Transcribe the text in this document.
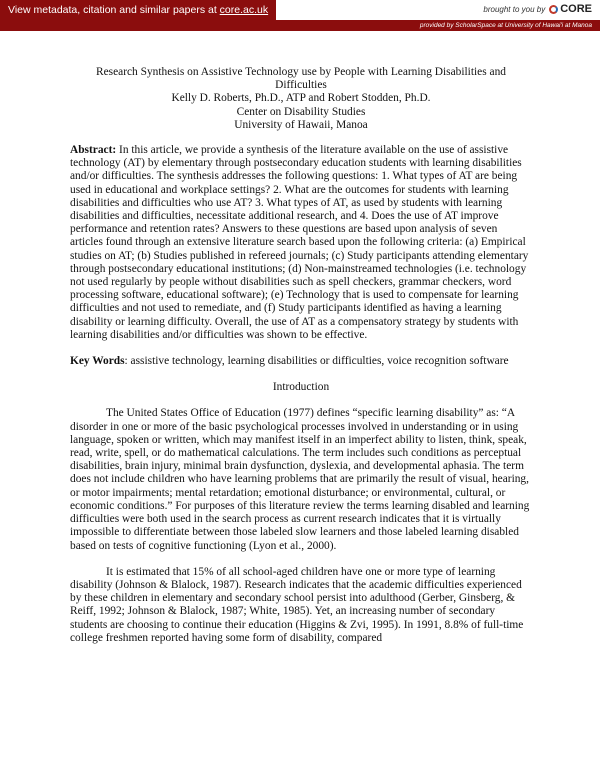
View metadata, citation and similar papers at core.ac.uk	brought to you by CORE
provided by ScholarSpace at University of Hawai'i at Manoa
Research Synthesis on Assistive Technology use by People with Learning Disabilities and
Difficulties
Kelly D. Roberts, Ph.D., ATP and Robert Stodden, Ph.D.
Center on Disability Studies
University of Hawaii, Manoa

Abstract: In this article, we provide a synthesis of the literature available on the use of assistive technology (AT) by elementary through postsecondary education students with learning disabilities and/or difficulties. The synthesis addresses the following questions: 1. What types of AT are being used in educational and workplace settings? 2. What are the outcomes for students with learning disabilities and difficulties who use AT? 3. What types of AT, as used by students with learning disabilities and difficulties, necessitate additional research, and 4. Does the use of AT improve performance and retention rates? Answers to these questions are based upon analysis of seven articles found through an extensive literature search based upon the following criteria: (a) Empirical studies on AT; (b) Studies published in refereed journals; (c) Study participants attending elementary through postsecondary educational institutions; (d) Non-mainstreamed technologies (i.e. technology not used regularly by people without disabilities such as spell checkers, grammar checkers, word processing software, educational software); (e) Technology that is used to compensate for learning difficulties and not used to remediate, and (f) Study participants identified as having a learning disability or learning difficulty. Overall, the use of AT as a compensatory strategy by students with learning disabilities and/or difficulties was shown to be effective.

Key Words: assistive technology, learning disabilities or difficulties, voice recognition software

Introduction

The United States Office of Education (1977) defines “specific learning disability” as: “A disorder in one or more of the basic psychological processes involved in understanding or in using language, spoken or written, which may manifest itself in an imperfect ability to listen, think, speak, read, write, spell, or do mathematical calculations. The term includes such conditions as perceptual disabilities, brain injury, minimal brain dysfunction, dyslexia, and developmental aphasia. The term does not include children who have learning problems that are primarily the result of visual, hearing, or motor impairments; mental retardation; emotional disturbance; or environmental, cultural, or economic conditions.” For purposes of this literature review the terms learning disabled and learning difficulties were both used in the search process as current research indicates that it is virtually impossible to differentiate between those labeled slow learners and those labeled learning disabled based on tests of cognitive functioning (Lyon et al., 2000).

It is estimated that 15% of all school-aged children have one or more type of learning disability (Johnson & Blalock, 1987). Research indicates that the academic difficulties experienced by these children in elementary and secondary school persist into adulthood (Gerber, Ginsberg, & Reiff, 1992; Johnson & Blalock, 1987; White, 1985). Yet, an increasing number of secondary students are choosing to continue their education (Higgins & Zvi, 1995). In 1991, 8.8% of full-time college freshmen reported having some form of disability, compared
